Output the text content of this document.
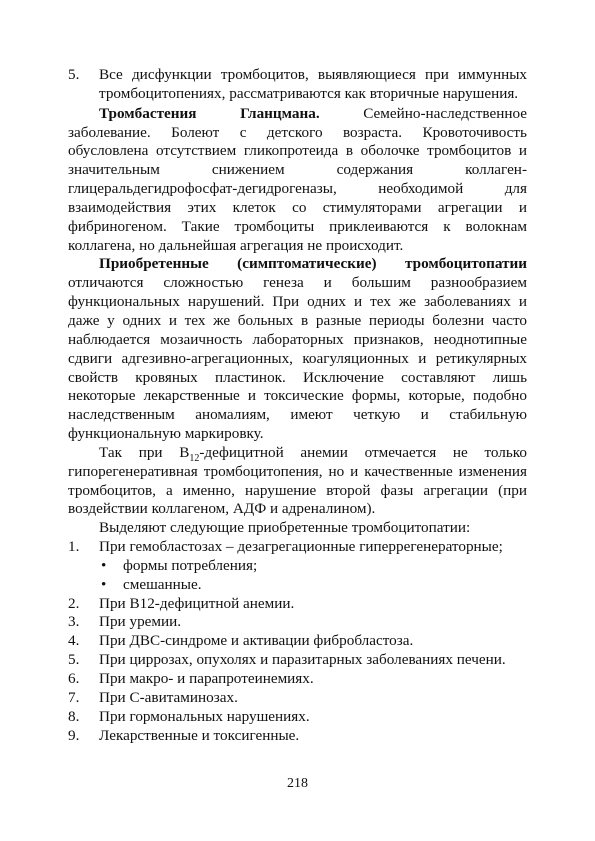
5. Все дисфункции тромбоцитов, выявляющиеся при иммунных тромбоцитопениях, рассматриваются как вторичные нарушения.

Тромбастения Гланцмана. Семейно-наследственное заболевание. Болеют с детского возраста. Кровоточивость обусловлена отсутствием гликопротеида в оболочке тромбоцитов и значительным снижением содержания коллаген-глицеральдегидрофосфат-дегидрогеназы, необходимой для взаимодействия этих клеток со стимуляторами агрегации и фибриногеном. Такие тромбоциты приклеиваются к волокнам коллагена, но дальнейшая агрегация не происходит.

Приобретенные (симптоматические) тромбоцитопатии отличаются сложностью генеза и большим разнообразием функциональных нарушений. При одних и тех же заболеваниях и даже у одних и тех же больных в разные периоды болезни часто наблюдается мозаичность лабораторных признаков, неоднотипные сдвиги адгезивно-агрегационных, коагуляционных и ретикулярных свойств кровяных пластинок. Исключение составляют лишь некоторые лекарственные и токсические формы, которые, подобно наследственным аномалиям, имеют четкую и стабильную функциональную маркировку.

Так при $В_{12}$-дефицитной анемии отмечается не только гипорегенеративная тромбоцитопения, но и качественные изменения тромбоцитов, а именно, нарушение второй фазы агрегации (при воздействии коллагеном, АДФ и адреналином).

Выделяют следующие приобретенные тромбоцитопатии:

1. При гемобластозах – дезагрегационные гиперрегенераторные;

• формы потребления;

• смешанные.

2. При В12-дефицитной анемии.

3. При уремии.

4. При ДВС-синдроме и активации фибробластоза.

5. При циррозах, опухолях и паразитарных заболеваниях печени.

6. При макро- и парапротеинемиях.

7. При С-авитаминозах.

8. При гормональных нарушениях.

9. Лекарственные и токсигенные.

218
